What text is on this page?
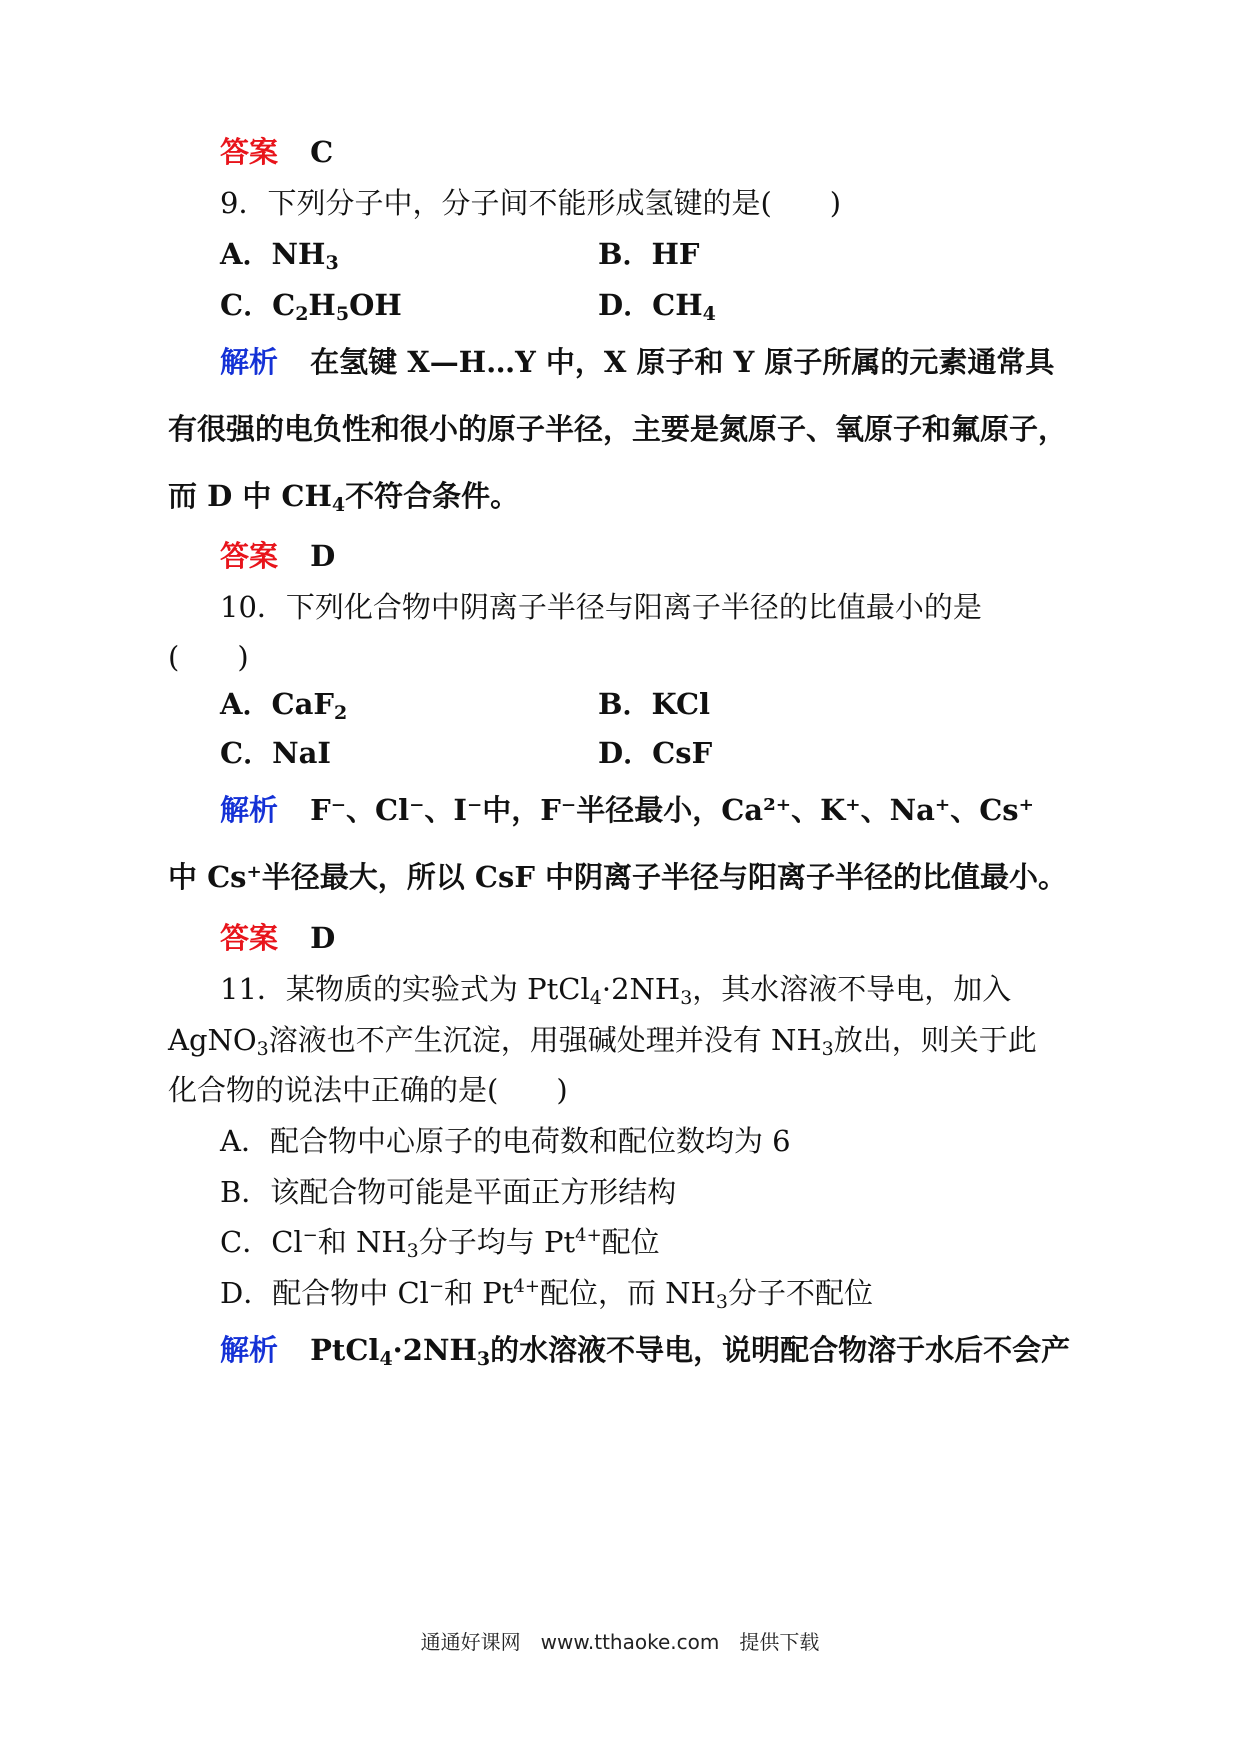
答案 C
9．下列分子中，分子间不能形成氢键的是(　　)
A．$NH_3$	B．HF
C．$C_2H_5OH$	D．$CH_4$
解析 在氢键 X—H…Y 中，X 原子和 Y 原子所属的元素通常具
有很强的电负性和很小的原子半径，主要是氮原子、氧原子和氟原子，
而 D 中 $CH_4$不符合条件。
答案 D
10．下列化合物中阴离子半径与阳离子半径的比值最小的是
(　　)
A．CaF$_2$	B．KCl
C．NaI	D．CsF
解析 F⁻、Cl⁻、I⁻中，F⁻半径最小，Ca²⁺、K⁺、Na⁺、Cs⁺
中 Cs⁺半径最大，所以 CsF 中阴离子半径与阳离子半径的比值最小。
答案 D
11．某物质的实验式为 $PtCl_4\cdot 2NH_3$，其水溶液不导电，加入
AgNO$_3$溶液也不产生沉淀，用强碱处理并没有 $NH_3$放出，则关于此
化合物的说法中正确的是(　　)
A．配合物中心原子的电荷数和配位数均为 6
B．该配合物可能是平面正方形结构
C．Cl−和 $NH_3$分子均与 $Pt^{4+}$配位
D．配合物中 Cl−和 $Pt^{4+}$配位，而 $NH_3$分子不配位
解析 $PtCl_4\cdot 2NH_3$的水溶液不导电，说明配合物溶于水后不会产
通通好课网　www.tthaoke.com　提供下载
